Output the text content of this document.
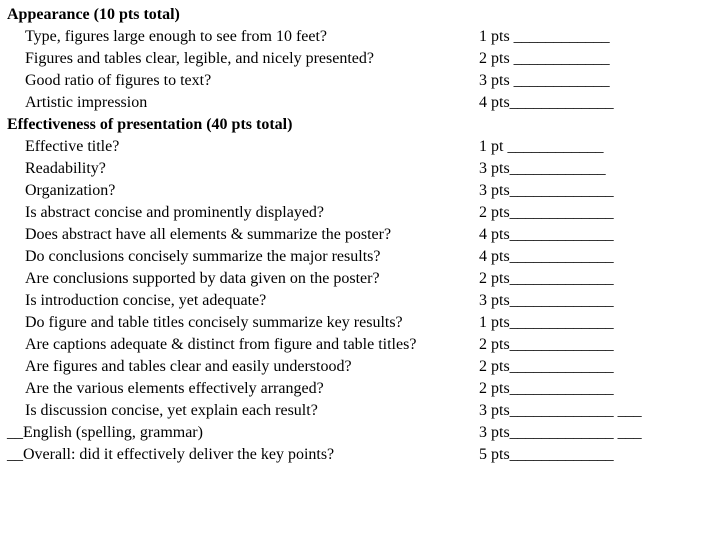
Appearance (10 pts total)
Type, figures large enough to see from 10 feet?	1 pts ____________
Figures and tables clear, legible, and nicely presented?	2 pts ____________
Good ratio of figures to text?	3 pts ____________
Artistic impression	4 pts_____________
Effectiveness of presentation (40 pts total)
Effective title?	1 pt ____________
Readability?	3 pts____________
Organization?	3 pts_____________
Is abstract concise and prominently displayed?	2 pts_____________
Does abstract have all elements & summarize the poster?	4 pts_____________
Do conclusions concisely summarize the major results?	4 pts_____________
Are conclusions supported by data given on the poster?	2 pts_____________
Is introduction concise, yet adequate?	3 pts_____________
Do figure and table titles concisely summarize key results?	1 pts_____________
Are captions adequate & distinct from figure and table titles?	2 pts_____________
Are figures and tables clear and easily understood?	2 pts_____________
Are the various elements effectively arranged?	2 pts_____________
Is discussion concise, yet explain each result?	3 pts_____________ ___
__English (spelling, grammar)	3 pts_____________ ___
__Overall: did it effectively deliver the key points?	5 pts_____________
